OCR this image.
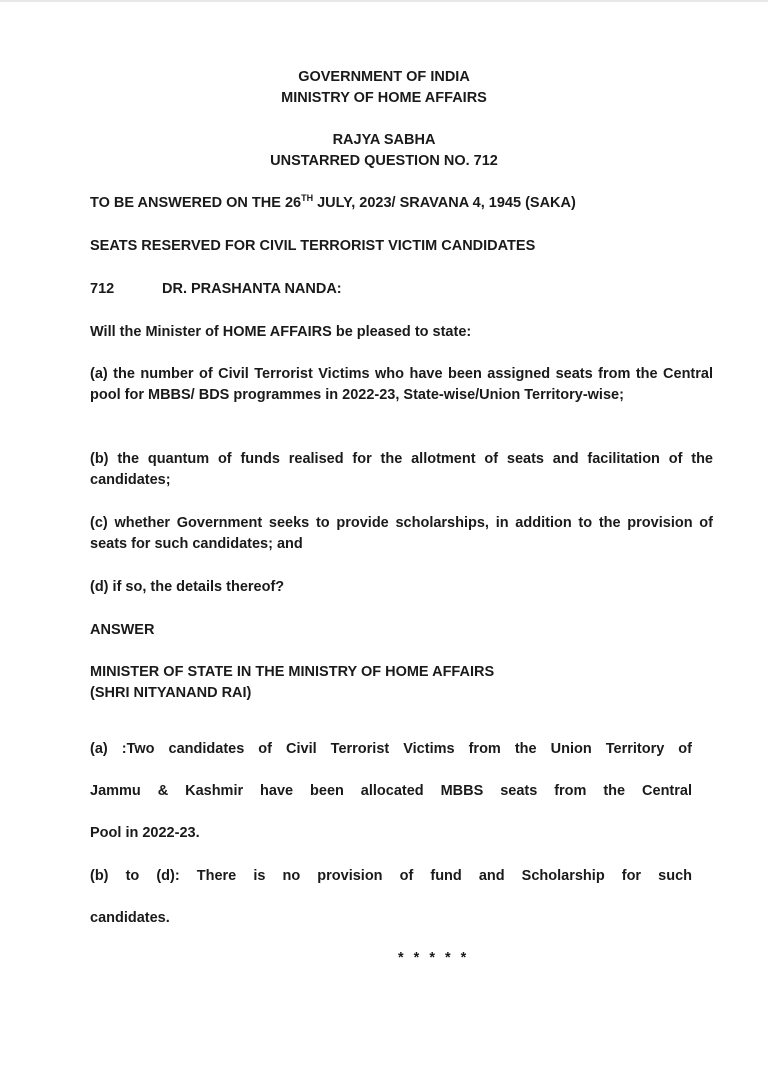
GOVERNMENT OF INDIA
MINISTRY OF HOME AFFAIRS
RAJYA SABHA
UNSTARRED QUESTION NO. 712
TO BE ANSWERED ON THE 26TH JULY, 2023/ SRAVANA 4, 1945 (SAKA)
SEATS RESERVED FOR CIVIL TERRORIST VICTIM CANDIDATES
712	DR. PRASHANTA NANDA:
Will the Minister of HOME AFFAIRS be pleased to state:
(a) the number of Civil Terrorist Victims who have been assigned seats from the Central pool for MBBS/ BDS programmes in 2022-23, State-wise/Union Territory-wise;
(b) the quantum of funds realised for the allotment of seats and facilitation of the candidates;
(c) whether Government seeks to provide scholarships, in addition to the provision of seats for such candidates; and
(d) if so, the details thereof?
ANSWER
MINISTER OF STATE IN THE MINISTRY OF HOME AFFAIRS
(SHRI NITYANAND RAI)
(a) :Two candidates of Civil Terrorist Victims from the Union Territory of
Jammu & Kashmir have been allocated MBBS seats from the Central
Pool in 2022-23.
(b) to (d): There is no provision of fund and Scholarship for such
candidates.
* * * * *
